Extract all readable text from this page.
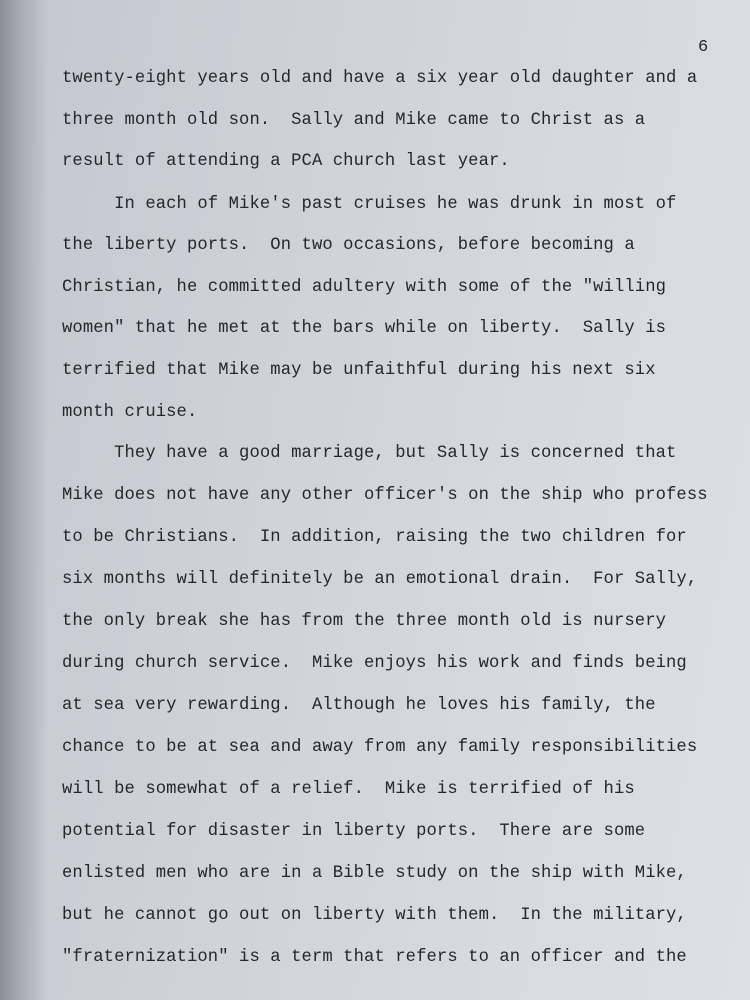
6
twenty-eight years old and have a six year old daughter and a
three month old son.  Sally and Mike came to Christ as a
result of attending a PCA church last year.
In each of Mike's past cruises he was drunk in most of
the liberty ports.  On two occasions, before becoming a
Christian, he committed adultery with some of the "willing
women" that he met at the bars while on liberty.  Sally is
terrified that Mike may be unfaithful during his next six
month cruise.
They have a good marriage, but Sally is concerned that
Mike does not have any other officer's on the ship who profess
to be Christians.  In addition, raising the two children for
six months will definitely be an emotional drain.  For Sally,
the only break she has from the three month old is nursery
during church service.  Mike enjoys his work and finds being
at sea very rewarding.  Although he loves his family, the
chance to be at sea and away from any family responsibilities
will be somewhat of a relief.  Mike is terrified of his
potential for disaster in liberty ports.  There are some
enlisted men who are in a Bible study on the ship with Mike,
but he cannot go out on liberty with them.  In the military,
"fraternization" is a term that refers to an officer and the
